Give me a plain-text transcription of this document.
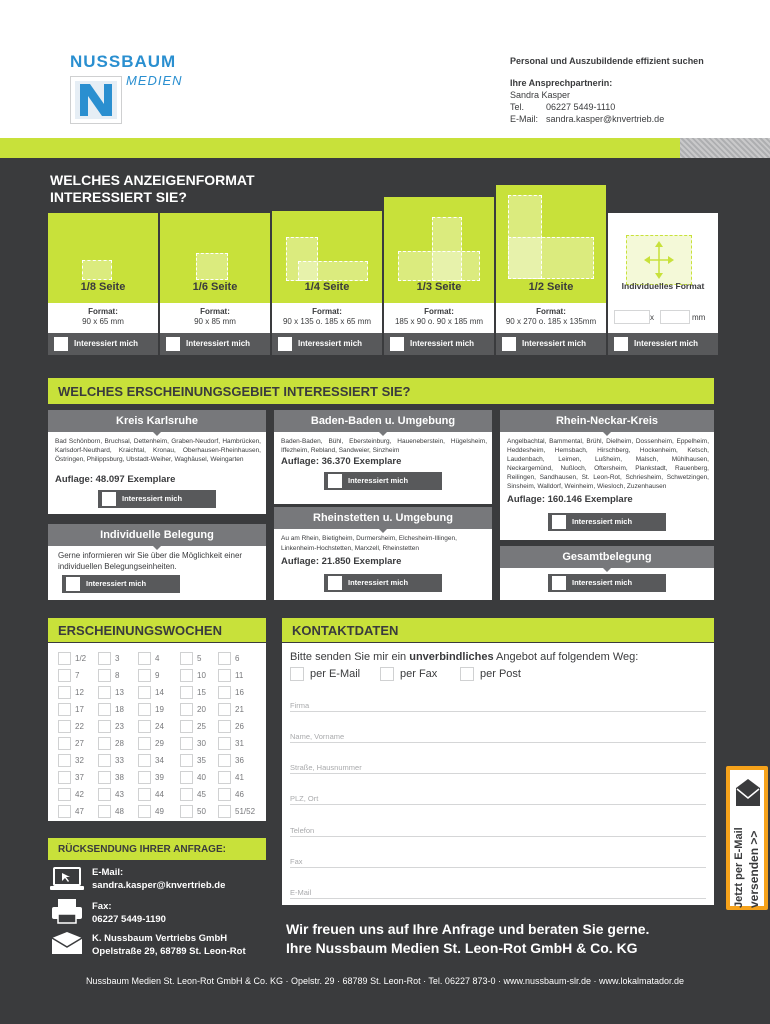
NUSSBAUM
MEDIEN
Personal und Auszubildende effizient suchen
Ihre Ansprechpartnerin:
Sandra Kasper
Tel. 06227 5449-1110
E-Mail: sandra.kasper@knvertrieb.de
WELCHES ANZEIGENFORMAT
INTERESSIERT SIE?
1/8 Seite
Format:
90 x 65 mm
Interessiert mich
1/6 Seite
Format:
90 x 85 mm
Interessiert mich
1/4 Seite
Format:
90 x 135 o. 185 x 65 mm
Interessiert mich
1/3 Seite
Format:
185 x 90 o. 90 x 185 mm
Interessiert mich
1/2 Seite
Format:
90 x 270 o. 185 x 135mm
Interessiert mich
Individuelles Format
x	mm
Interessiert mich
WELCHES ERSCHEINUNGSGEBIET INTERESSIERT SIE?
Kreis Karlsruhe
Bad Schönborn, Bruchsal, Dettenheim, Graben-Neudorf, Hambrücken, Karlsdorf-Neuthard, Kraichtal, Kronau, Oberhausen-Rheinhausen, Östringen, Philippsburg, Ubstadt-Weiher, Waghäusel, Weingarten
Auflage: 48.097 Exemplare
Interessiert mich
Baden-Baden u. Umgebung
Baden-Baden, Bühl, Ebersteinburg, Haueneberstein, Hügelsheim, Iffezheim, Rebland, Sandweier, Sinzheim
Auflage: 36.370 Exemplare
Interessiert mich
Rhein-Neckar-Kreis
Angelbachtal, Bammental, Brühl, Dielheim, Dossenheim, Eppelheim, Heddesheim, Hemsbach, Hirschberg, Hockenheim, Ketsch, Laudenbach, Leimen, Lußheim, Malsch, Mühlhausen, Neckargemünd, Nußloch, Oftersheim, Plankstadt, Rauenberg, Reilingen, Sandhausen, St. Leon-Rot, Schriesheim, Schwetzingen, Sinsheim, Walldorf, Weinheim, Wiesloch, Zuzenhausen
Auflage: 160.146 Exemplare
Interessiert mich
Individuelle Belegung
Gerne informieren wir Sie über die Möglichkeit einer individuellen Belegungseinheiten.
Interessiert mich
Rheinstetten u. Umgebung
Au am Rhein, Bietigheim, Durmersheim, Elchesheim-Illingen, Linkenheim-Hochstetten, Marxzell, Rheinstetten
Auflage: 21.850 Exemplare
Interessiert mich
Gesamtbelegung
Interessiert mich
ERSCHEINUNGSWOCHEN
1/2	3	4	5	6
7	8	9	10	11
12	13	14	15	16
17	18	19	20	21
22	23	24	25	26
27	28	29	30	31
32	33	34	35	36
37	38	39	40	41
42	43	44	45	46
47	48	49	50	51/52
RÜCKSENDUNG IHRER ANFRAGE:
E-Mail:
sandra.kasper@knvertrieb.de
Fax:
06227 5449-1190
K. Nussbaum Vertriebs GmbH
Opelstraße 29, 68789 St. Leon-Rot
KONTAKTDATEN
Bitte senden Sie mir ein unverbindliches Angebot auf folgendem Weg:
per E-Mail	per Fax	per Post
Firma
Name, Vorname
Straße, Hausnummer
PLZ, Ort
Telefon
Fax
E-Mail	Jetzt per E-Mail versenden >>
Wir freuen uns auf Ihre Anfrage und beraten Sie gerne.
Ihre Nussbaum Medien St. Leon-Rot GmbH & Co. KG
Nussbaum Medien St. Leon-Rot GmbH & Co. KG · Opelstr. 29 · 68789 St. Leon-Rot · Tel. 06227 873-0 · www.nussbaum-slr.de · www.lokalmatador.de
